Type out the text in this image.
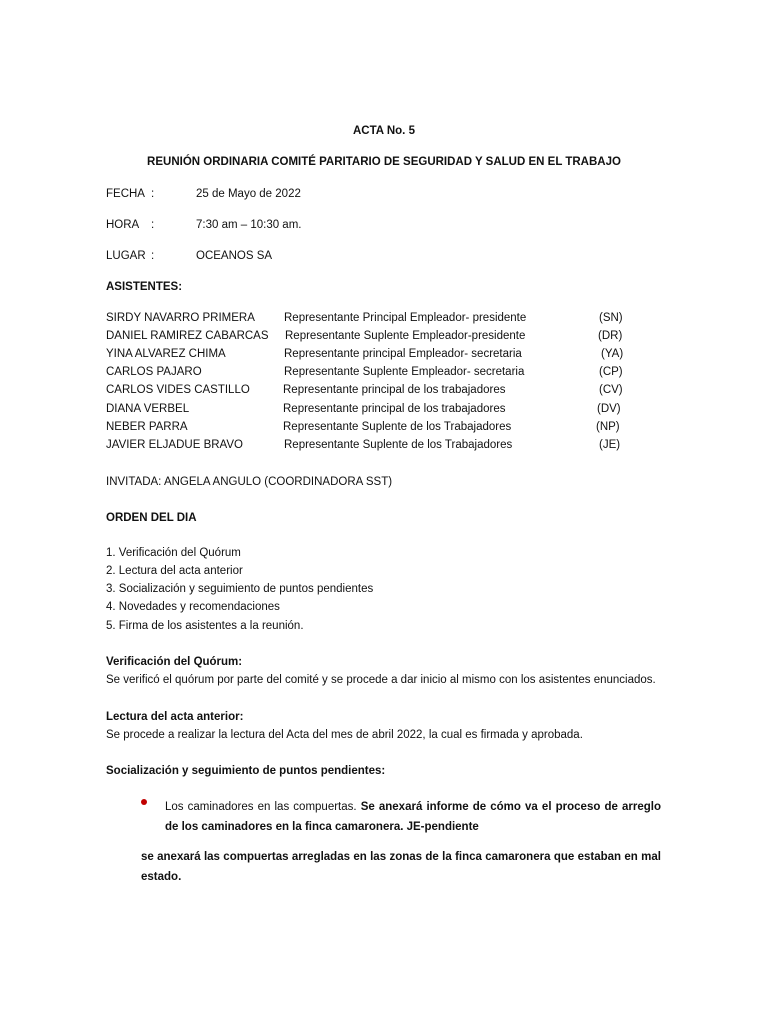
ACTA No. 5
REUNIÓN ORDINARIA COMITÉ PARITARIO DE SEGURIDAD Y SALUD EN EL TRABAJO
FECHA :	25 de Mayo de 2022
HORA :	7:30 am – 10:30 am.
LUGAR :	OCEANOS SA
ASISTENTES:
SIRDY NAVARRO PRIMERA	Representante Principal Empleador- presidente	(SN)
DANIEL RAMIREZ CABARCAS Representante Suplente Empleador-presidente	(DR)
YINA ALVAREZ CHIMA	Representante principal Empleador- secretaria	(YA)
CARLOS PAJARO	Representante Suplente Empleador- secretaria	(CP)
CARLOS VIDES CASTILLO	Representante principal de los trabajadores	(CV)
DIANA VERBEL	Representante principal de los trabajadores	(DV)
NEBER PARRA	Representante Suplente de los Trabajadores	(NP)
JAVIER ELJADUE BRAVO	Representante Suplente de los Trabajadores	(JE)
INVITADA: ANGELA ANGULO (COORDINADORA SST)
ORDEN DEL DIA
1. Verificación del Quórum
2. Lectura del acta anterior
3. Socialización y seguimiento de puntos pendientes
4. Novedades y recomendaciones
5. Firma de los asistentes a la reunión.
Verificación del Quórum:
Se verificó el quórum por parte del comité y se procede a dar inicio al mismo con los asistentes enunciados.
Lectura del acta anterior:
Se procede a realizar la lectura del Acta del mes de abril 2022, la cual es firmada y aprobada.
Socialización y seguimiento de puntos pendientes:
Los caminadores en las compuertas. Se anexará informe de cómo va el proceso de arreglo de los caminadores en la finca camaronera. JE-pendiente
se anexará las compuertas arregladas en las zonas de la finca camaronera que estaban en mal estado.
